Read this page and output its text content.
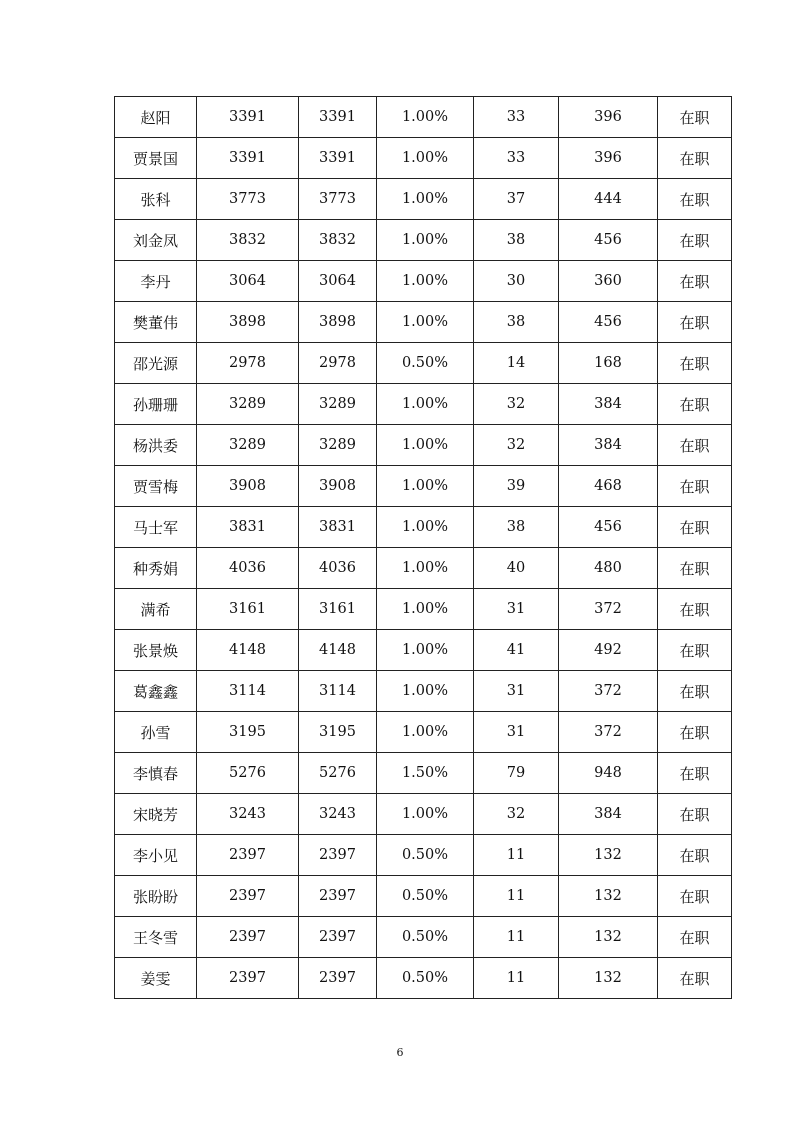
赵阳	3391	3391	1.00%	33	396	在职
贾景国	3391	3391	1.00%	33	396	在职
张科	3773	3773	1.00%	37	444	在职
刘金凤	3832	3832	1.00%	38	456	在职
李丹	3064	3064	1.00%	30	360	在职
樊董伟	3898	3898	1.00%	38	456	在职
邵光源	2978	2978	0.50%	14	168	在职
孙珊珊	3289	3289	1.00%	32	384	在职
杨洪委	3289	3289	1.00%	32	384	在职
贾雪梅	3908	3908	1.00%	39	468	在职
马士军	3831	3831	1.00%	38	456	在职
种秀娟	4036	4036	1.00%	40	480	在职
满希	3161	3161	1.00%	31	372	在职
张景焕	4148	4148	1.00%	41	492	在职
葛鑫鑫	3114	3114	1.00%	31	372	在职
孙雪	3195	3195	1.00%	31	372	在职
李慎春	5276	5276	1.50%	79	948	在职
宋晓芳	3243	3243	1.00%	32	384	在职
李小见	2397	2397	0.50%	11	132	在职
张盼盼	2397	2397	0.50%	11	132	在职
王冬雪	2397	2397	0.50%	11	132	在职
姜雯	2397	2397	0.50%	11	132	在职
6
